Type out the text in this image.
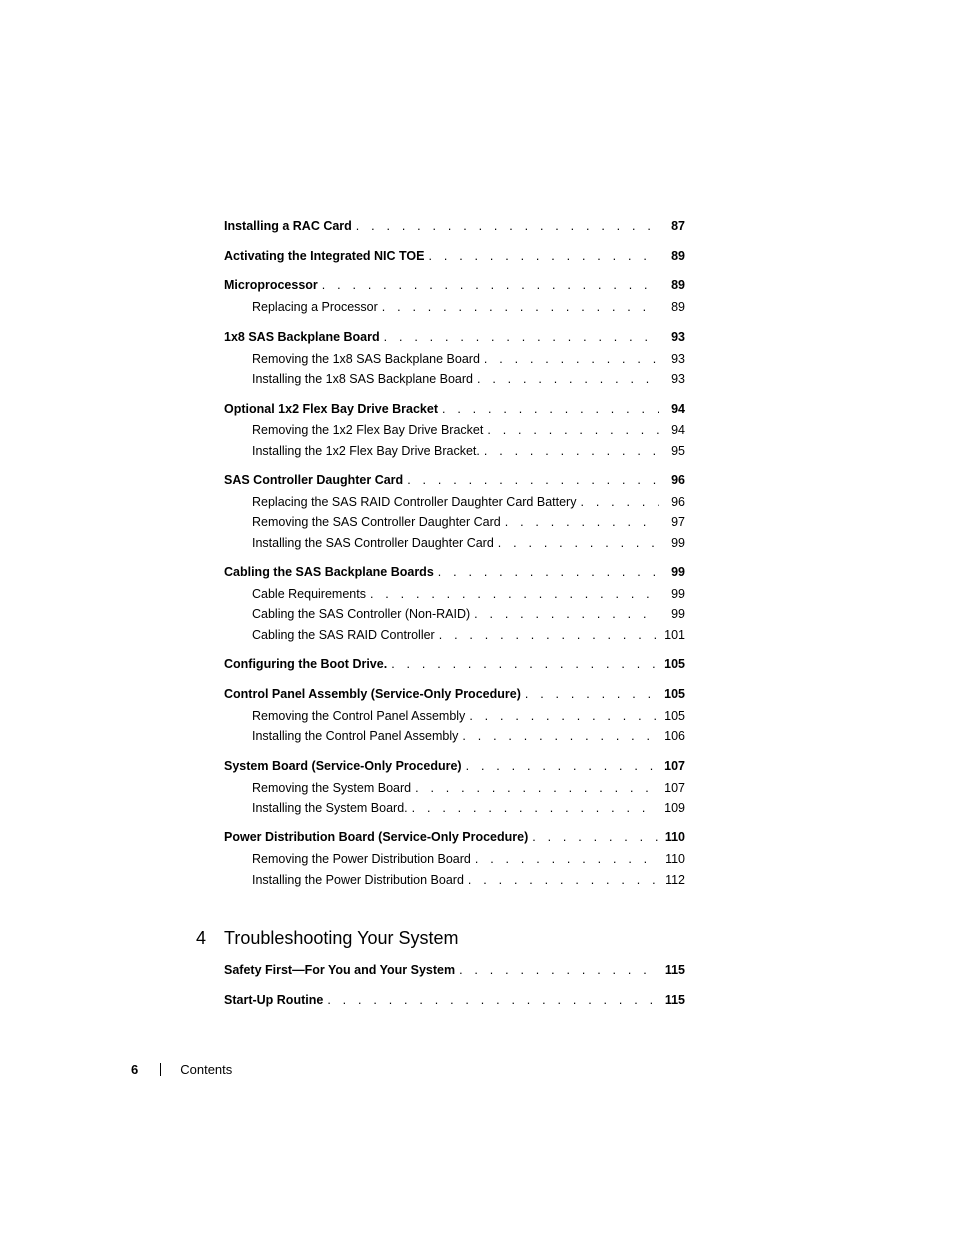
Installing a RAC Card . . .	87
Activating the Integrated NIC TOE . . .	89
Microprocessor . . .	89
Replacing a Processor . . .	89
1x8 SAS Backplane Board . . .	93
Removing the 1x8 SAS Backplane Board . . .	93
Installing the 1x8 SAS Backplane Board . . .	93
Optional 1x2 Flex Bay Drive Bracket . . .	94
Removing the 1x2 Flex Bay Drive Bracket . . .	94
Installing the 1x2 Flex Bay Drive Bracket. . . .	95
SAS Controller Daughter Card . . .	96
Replacing the SAS RAID Controller Daughter Card Battery . . .	96
Removing the SAS Controller Daughter Card . . .	97
Installing the SAS Controller Daughter Card . . .	99
Cabling the SAS Backplane Boards . . .	99
Cable Requirements . . .	99
Cabling the SAS Controller (Non-RAID) . . .	99
Cabling the SAS RAID Controller . . .	101
Configuring the Boot Drive. . . .	105
Control Panel Assembly (Service-Only Procedure) . . .	105
Removing the Control Panel Assembly . . .	105
Installing the Control Panel Assembly . . .	106
System Board (Service-Only Procedure) . . .	107
Removing the System Board . . .	107
Installing the System Board. . . .	109
Power Distribution Board (Service-Only Procedure) . . .	110
Removing the Power Distribution Board . . .	110
Installing the Power Distribution Board . . .	112
4 Troubleshooting Your System
Safety First—For You and Your System . . .	115
Start-Up Routine . . .	115
6	Contents
